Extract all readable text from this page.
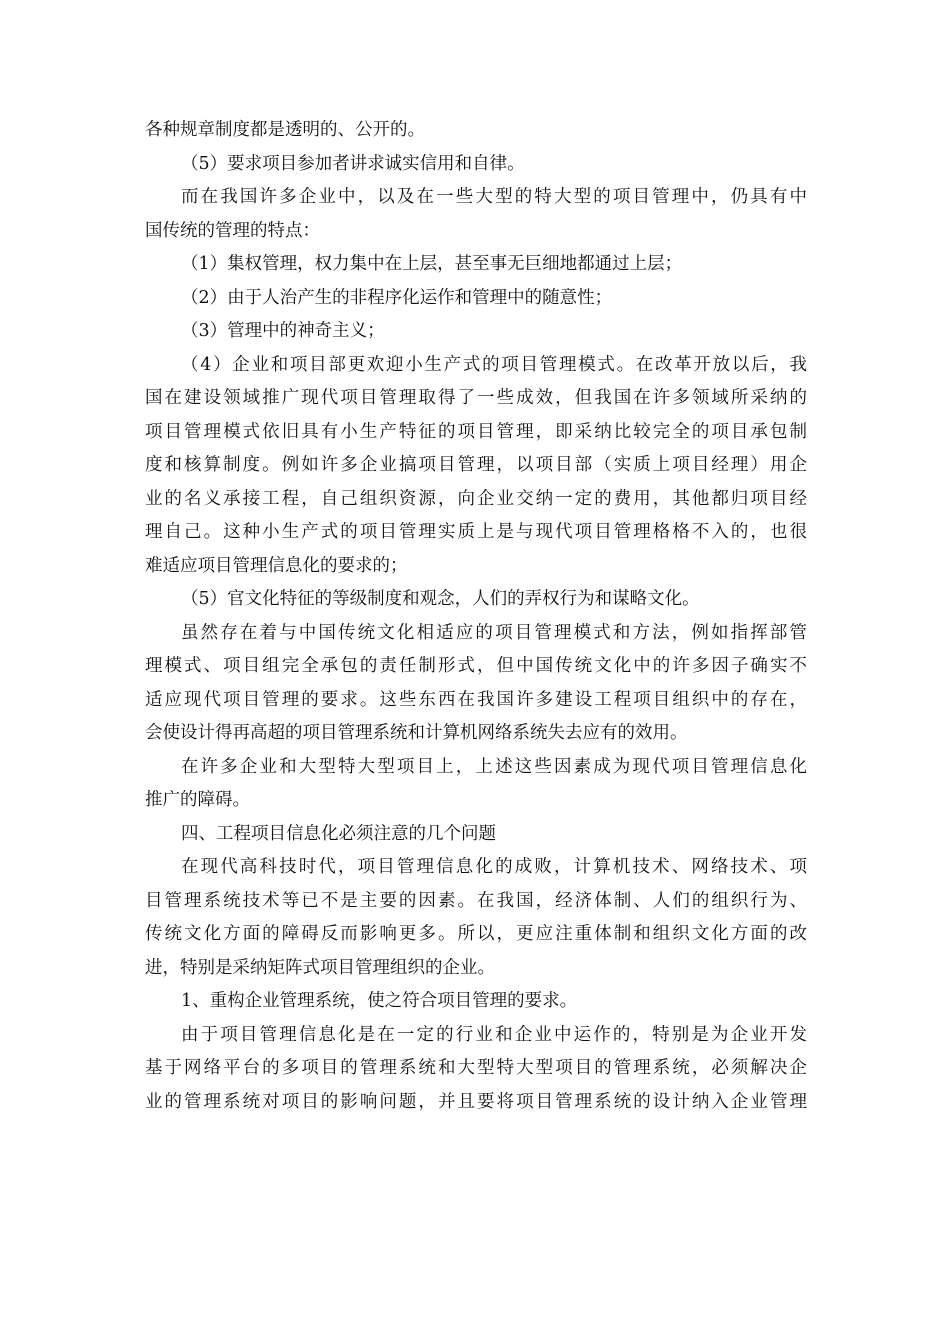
各种规章制度都是透明的、公开的。
（5）要求项目参加者讲求诚实信用和自律。
而在我国许多企业中，以及在一些大型的特大型的项目管理中，仍具有中
国传统的管理的特点：
（1）集权管理，权力集中在上层，甚至事无巨细地都通过上层；
（2）由于人治产生的非程序化运作和管理中的随意性；
（3）管理中的神奇主义；
（4）企业和项目部更欢迎小生产式的项目管理模式。在改革开放以后，我
国在建设领域推广现代项目管理取得了一些成效，但我国在许多领域所采纳的
项目管理模式依旧具有小生产特征的项目管理，即采纳比较完全的项目承包制
度和核算制度。例如许多企业搞项目管理，以项目部（实质上项目经理）用企
业的名义承接工程，自己组织资源，向企业交纳一定的费用，其他都归项目经
理自己。这种小生产式的项目管理实质上是与现代项目管理格格不入的，也很
难适应项目管理信息化的要求的；
（5）官文化特征的等级制度和观念，人们的弄权行为和谋略文化。
虽然存在着与中国传统文化相适应的项目管理模式和方法，例如指挥部管
理模式、项目组完全承包的责任制形式，但中国传统文化中的许多因子确实不
适应现代项目管理的要求。这些东西在我国许多建设工程项目组织中的存在，
会使设计得再高超的项目管理系统和计算机网络系统失去应有的效用。
在许多企业和大型特大型项目上，上述这些因素成为现代项目管理信息化
推广的障碍。
四、工程项目信息化必须注意的几个问题
在现代高科技时代，项目管理信息化的成败，计算机技术、网络技术、项
目管理系统技术等已不是主要的因素。在我国，经济体制、人们的组织行为、
传统文化方面的障碍反而影响更多。所以，更应注重体制和组织文化方面的改
进，特别是采纳矩阵式项目管理组织的企业。
1、重构企业管理系统，使之符合项目管理的要求。
由于项目管理信息化是在一定的行业和企业中运作的，特别是为企业开发
基于网络平台的多项目的管理系统和大型特大型项目的管理系统，必须解决企
业的管理系统对项目的影响问题，并且要将项目管理系统的设计纳入企业管理
